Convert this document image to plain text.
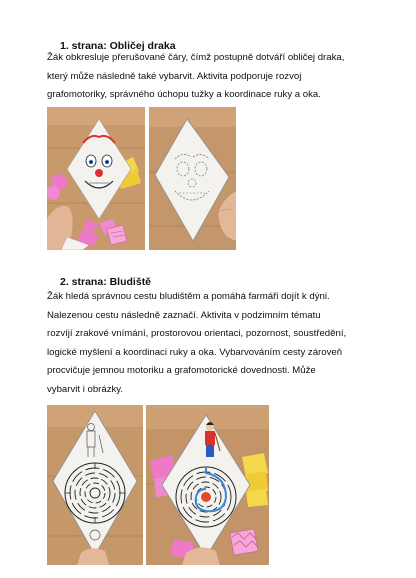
1. strana: Obličej draka
Žák obkresluje přerušované čáry, čímž postupně dotváří obličej draka,
který může následně také vybarvit. Aktivita podporuje rozvoj
grafomotoriky, správného úchopu tužky a koordinace ruky a oka.
2. strana: Bludiště
Žák hledá správnou cestu bludištěm a pomáhá farmáři dojít k dýni.
Nalezenou cestu následně zaznačí. Aktivita v podzimním tématu
rozvíjí zrakové vnímání, prostorovou orientaci, pozornost, soustředění,
logické myšlení a koordinaci ruky a oka. Vybarvováním cesty zároveň
procvičuje jemnou motoriku a grafomotorické dovednosti. Může
vybarvit i obrázky.
